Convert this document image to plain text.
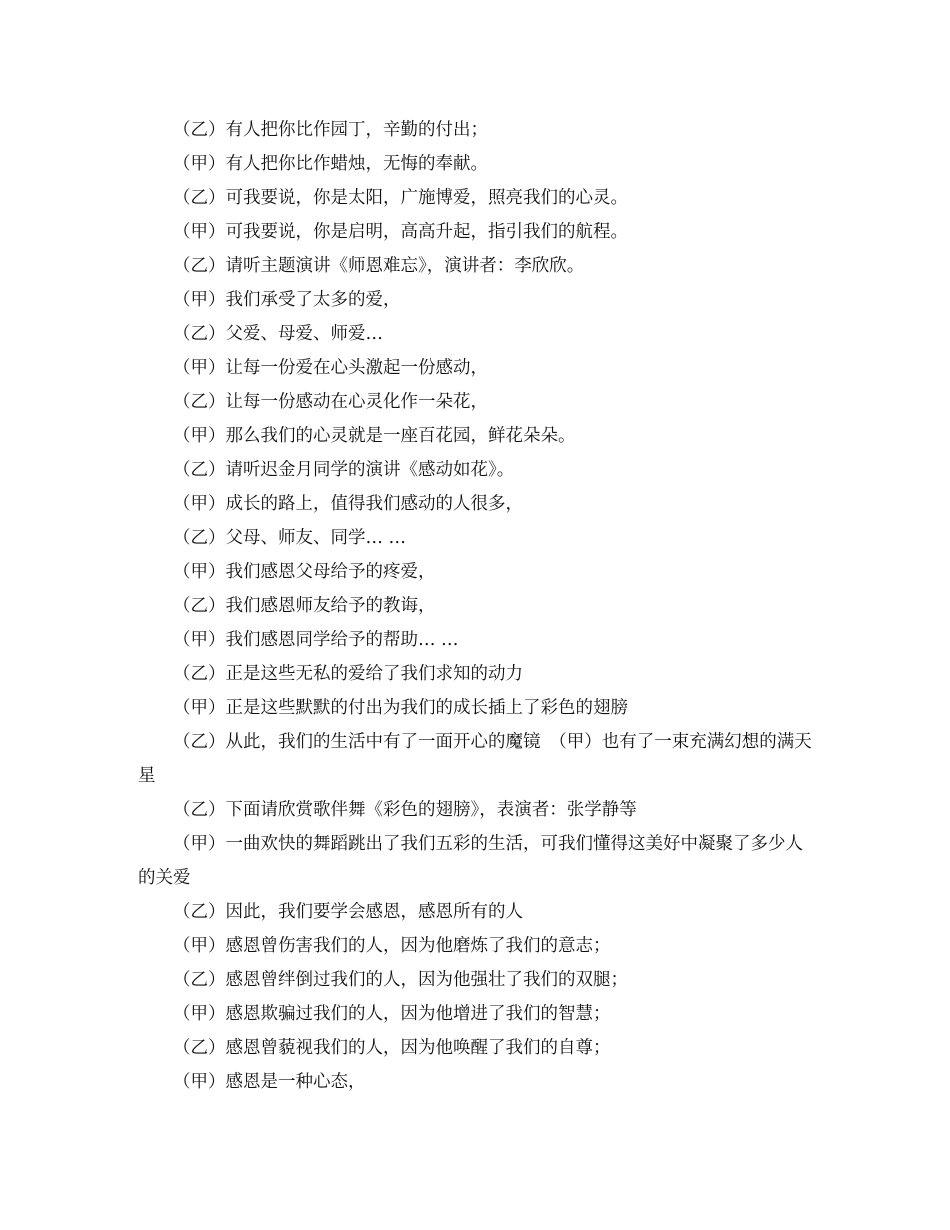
（乙）有人把你比作园丁，辛勤的付出；

（甲）有人把你比作蜡烛，无悔的奉献。

（乙）可我要说，你是太阳，广施博爱，照亮我们的心灵。

（甲）可我要说，你是启明，高高升起，指引我们的航程。

（乙）请听主题演讲《师恩难忘》，演讲者：李欣欣。

（甲）我们承受了太多的爱，

（乙）父爱、母爱、师爱…

（甲）让每一份爱在心头激起一份感动，

（乙）让每一份感动在心灵化作一朵花，

（甲）那么我们的心灵就是一座百花园，鲜花朵朵。

（乙）请听迟金月同学的演讲《感动如花》。

（甲）成长的路上，值得我们感动的人很多，

（乙）父母、师友、同学… …

（甲）我们感恩父母给予的疼爱，

（乙）我们感恩师友给予的教诲，

（甲）我们感恩同学给予的帮助… …

（乙）正是这些无私的爱给了我们求知的动力

（甲）正是这些默默的付出为我们的成长插上了彩色的翅膀

（乙）从此，我们的生活中有了一面开心的魔镜　（甲）也有了一束充满幻想的满天星

（乙）下面请欣赏歌伴舞《彩色的翅膀》，表演者：张学静等

（甲）一曲欢快的舞蹈跳出了我们五彩的生活，可我们懂得这美好中凝聚了多少人的关爱

（乙）因此，我们要学会感恩，感恩所有的人

（甲）感恩曾伤害我们的人，因为他磨炼了我们的意志；

（乙）感恩曾绊倒过我们的人，因为他强壮了我们的双腿；

（甲）感恩欺骗过我们的人，因为他增进了我们的智慧；

（乙）感恩曾藐视我们的人，因为他唤醒了我们的自尊；

（甲）感恩是一种心态，
